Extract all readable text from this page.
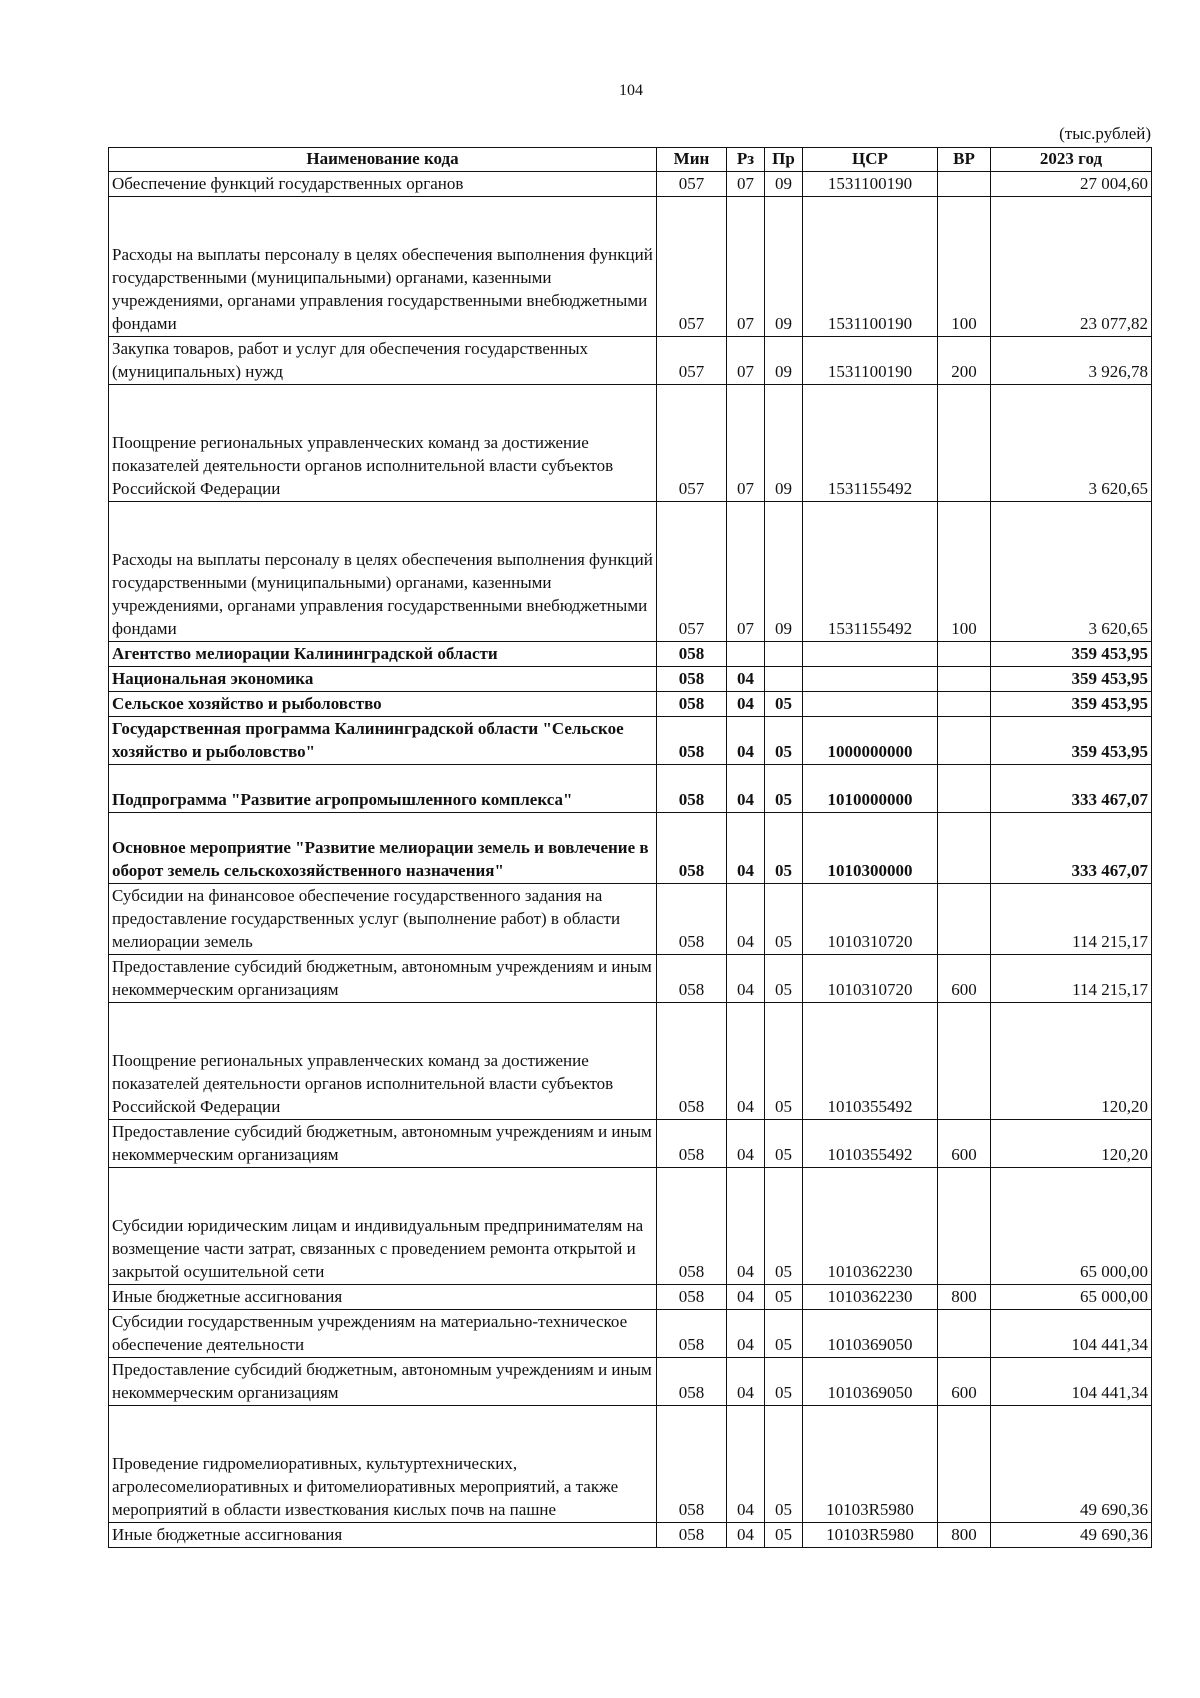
104
(тыс.рублей)
Наименование кода	Мин	Рз	Пр	ЦСР	ВР	2023 год
Обеспечение функций государственных органов	057	07	09	1531100190		27 004,60
Расходы на выплаты персоналу в целях обеспечения выполнения функций государственными (муниципальными) органами, казенными учреждениями, органами управления государственными внебюджетными фондами	057	07	09	1531100190	100	23 077,82
Закупка товаров, работ и услуг для обеспечения государственных (муниципальных) нужд	057	07	09	1531100190	200	3 926,78
Поощрение региональных управленческих команд за достижение показателей деятельности органов исполнительной власти субъектов Российской Федерации	057	07	09	1531155492		3 620,65
Расходы на выплаты персоналу в целях обеспечения выполнения функций государственными (муниципальными) органами, казенными учреждениями, органами управления государственными внебюджетными фондами	057	07	09	1531155492	100	3 620,65
Агентство мелиорации Калининградской области	058					359 453,95
Национальная экономика	058	04				359 453,95
Сельское хозяйство и рыболовство	058	04	05			359 453,95
Государственная программа Калининградской области "Сельское хозяйство и рыболовство"	058	04	05	1000000000		359 453,95
Подпрограмма "Развитие агропромышленного комплекса"	058	04	05	1010000000		333 467,07
Основное мероприятие "Развитие мелиорации земель и вовлечение в оборот земель сельскохозяйственного назначения"	058	04	05	1010300000		333 467,07
Субсидии на финансовое обеспечение государственного задания на предоставление государственных услуг (выполнение работ) в области мелиорации земель	058	04	05	1010310720		114 215,17
Предоставление субсидий бюджетным, автономным учреждениям и иным некоммерческим организациям	058	04	05	1010310720	600	114 215,17
Поощрение региональных управленческих команд за достижение показателей деятельности органов исполнительной власти субъектов Российской Федерации	058	04	05	1010355492		120,20
Предоставление субсидий бюджетным, автономным учреждениям и иным некоммерческим организациям	058	04	05	1010355492	600	120,20
Субсидии юридическим лицам и индивидуальным предпринимателям на возмещение части затрат, связанных с проведением ремонта открытой и закрытой осушительной сети	058	04	05	1010362230		65 000,00
Иные бюджетные ассигнования	058	04	05	1010362230	800	65 000,00
Субсидии государственным учреждениям на материально-техническое обеспечение деятельности	058	04	05	1010369050		104 441,34
Предоставление субсидий бюджетным, автономным учреждениям и иным некоммерческим организациям	058	04	05	1010369050	600	104 441,34
Проведение гидромелиоративных, культуртехнических, агролесомелиоративных и фитомелиоративных мероприятий, а также мероприятий в области известкования кислых почв на пашне	058	04	05	10103R5980		49 690,36
Иные бюджетные ассигнования	058	04	05	10103R5980	800	49 690,36
